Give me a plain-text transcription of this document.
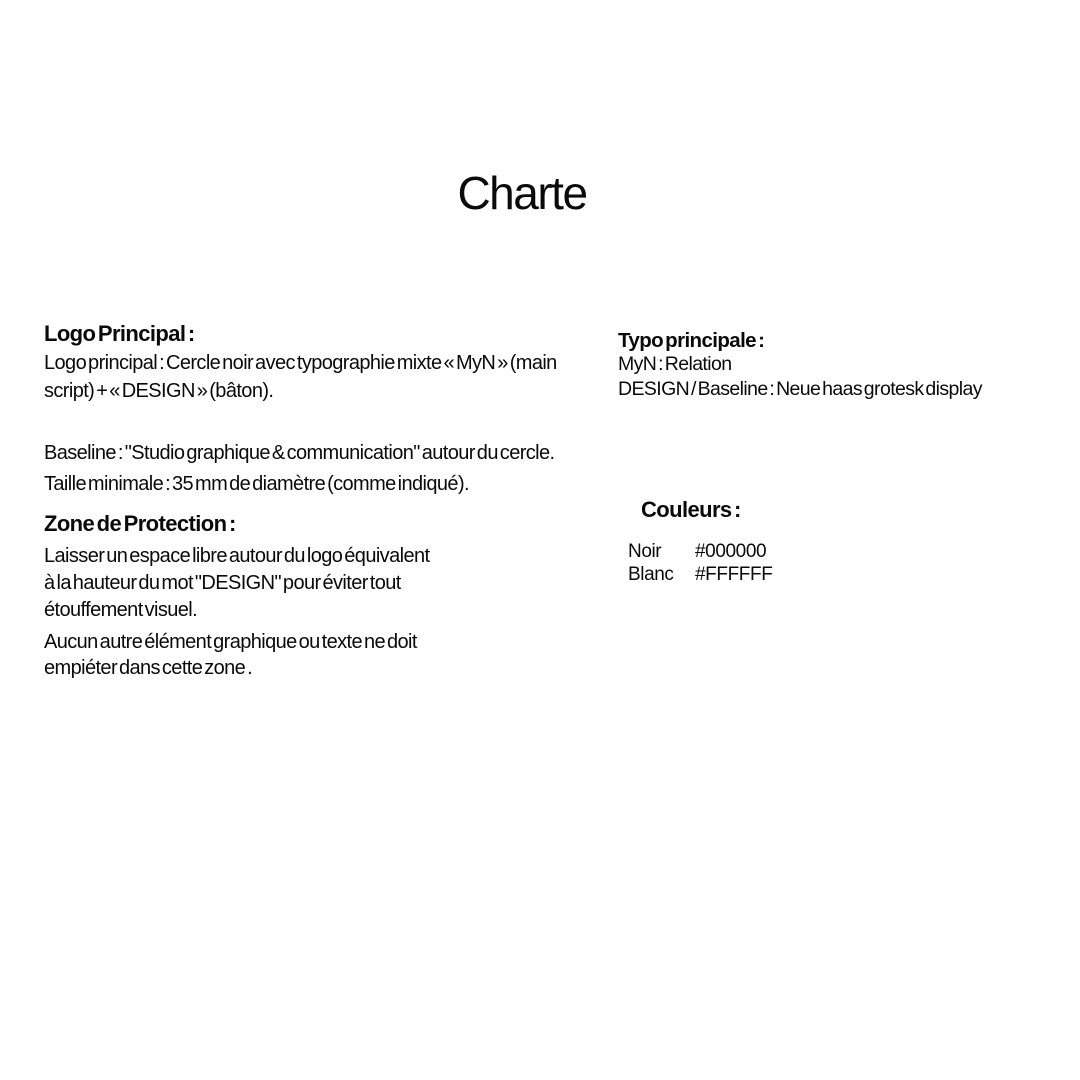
Charte
Logo Principal :
Logo principal : Cercle noir avec typographie mixte « MyN » (main
script) + « DESIGN » (bâton).
Baseline : "Studio graphique & communication" autour du cercle.
Taille minimale : 35 mm de diamètre (comme indiqué).
Zone de Protection :
Laisser un espace libre autour du logo équivalent
à la hauteur du mot "DESIGN" pour éviter tout
étouffement visuel.
Aucun autre élément graphique ou texte ne doit
empiéter dans cette zone .
Typo principale :
MyN : Relation
DESIGN / Baseline : Neue haas grotesk display
Couleurs :
Noir	#000000
Blanc	#FFFFFF
